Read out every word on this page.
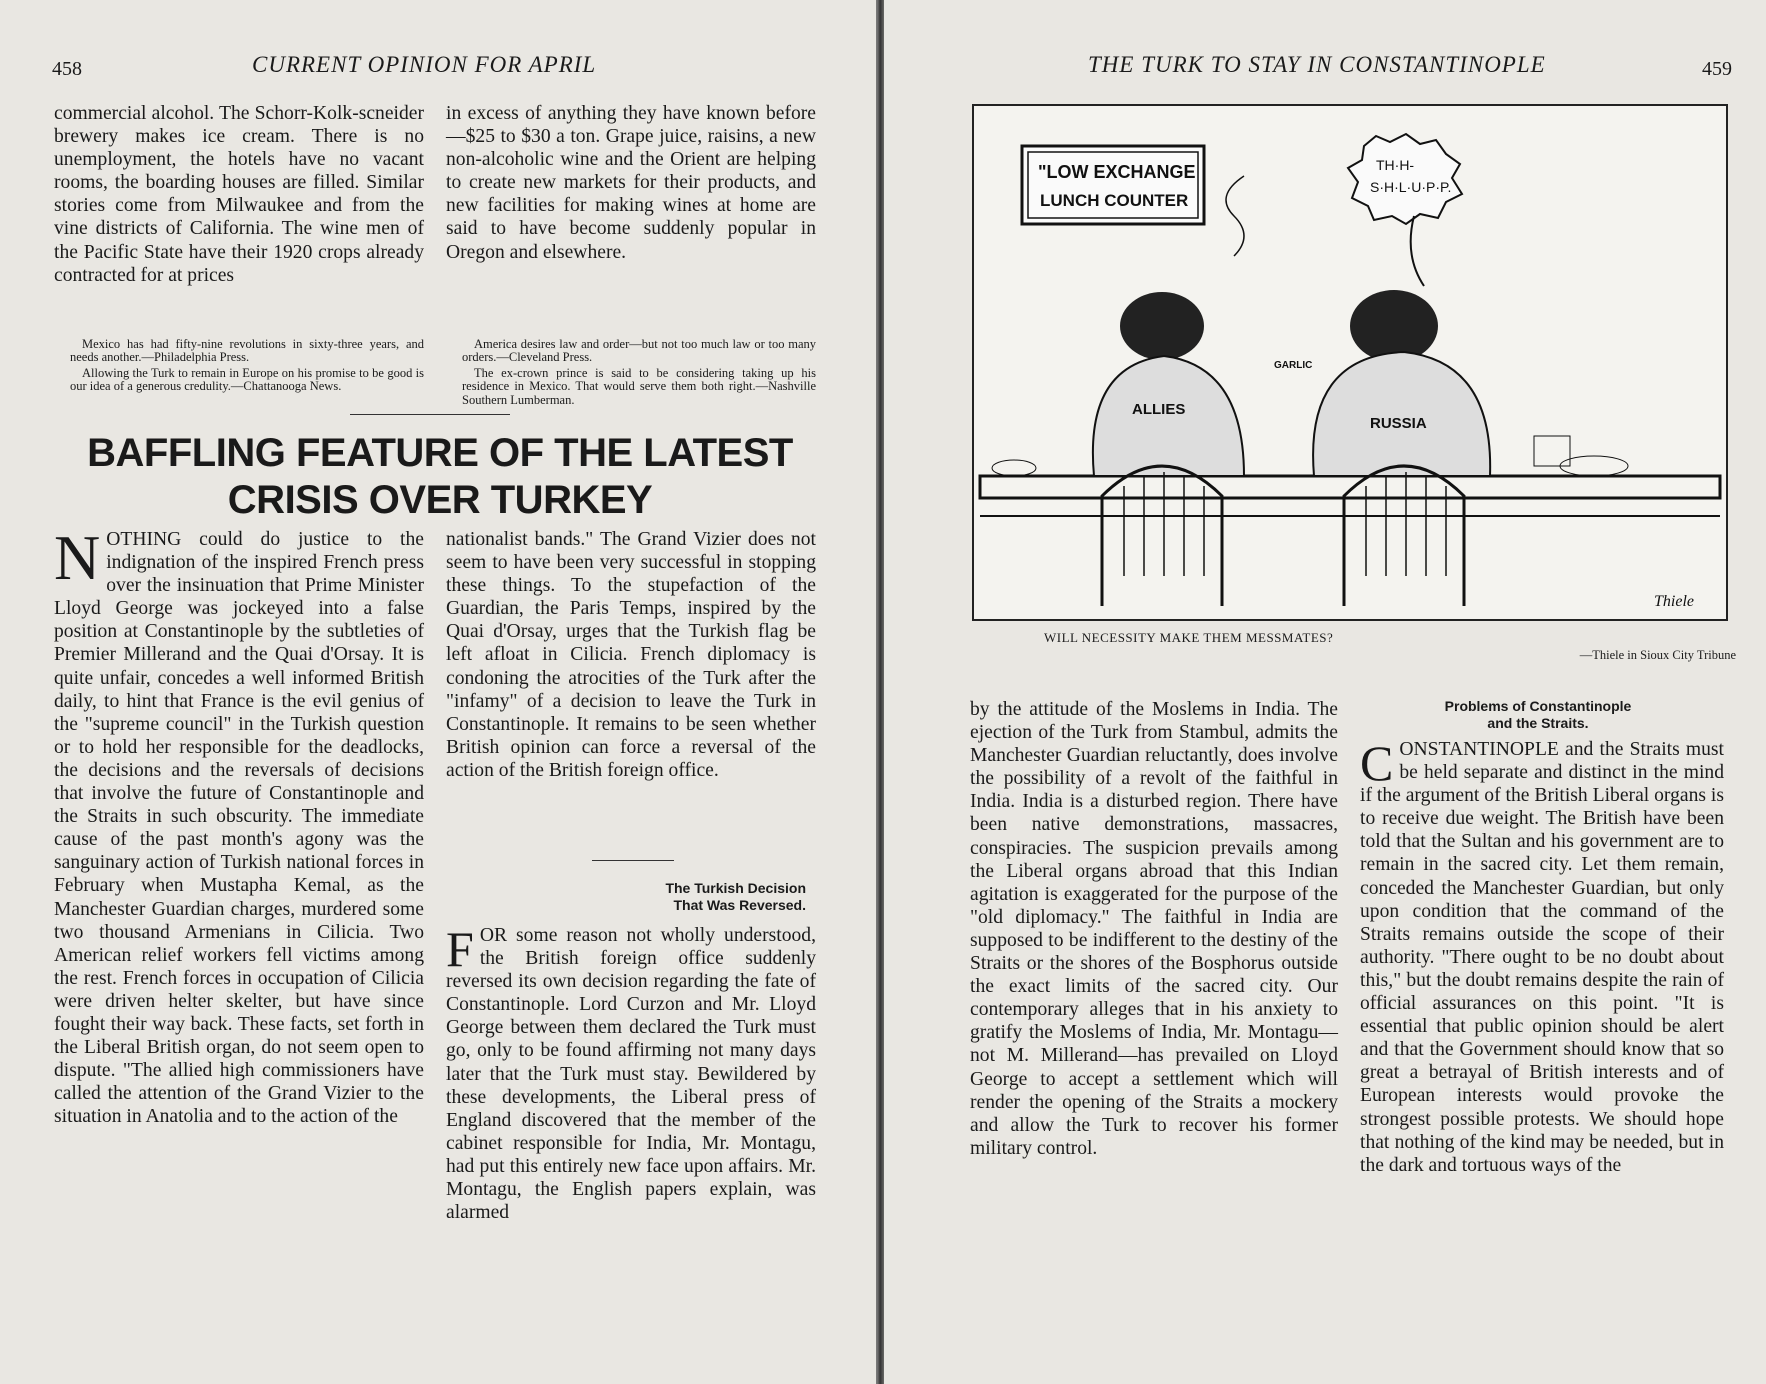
458	CURRENT OPINION FOR APRIL

commercial alcohol. The Schorr-Kolk-scneider brewery makes ice cream. There is no unemployment, the hotels have no vacant rooms, the boarding houses are filled. Similar stories come from Milwaukee and from the vine districts of California. The wine men of the Pacific State have their 1920 crops already contracted for at prices

in excess of anything they have known before—$25 to $30 a ton. Grape juice, raisins, a new non-alcoholic wine and the Orient are helping to create new markets for their products, and new facilities for making wines at home are said to have become suddenly popular in Oregon and elsewhere.

Mexico has had fifty-nine revolutions in sixty-three years, and needs another.—Philadelphia Press.

Allowing the Turk to remain in Europe on his promise to be good is our idea of a generous credulity.—Chattanooga News.

America desires law and order—but not too much law or too many orders.—Cleveland Press.

The ex-crown prince is said to be considering taking up his residence in Mexico. That would serve them both right.—Nashville Southern Lumberman.

BAFFLING FEATURE OF THE LATEST
CRISIS OVER TURKEY

NOTHING could do justice to the indignation of the inspired French press over the insinuation that Prime Minister Lloyd George was jockeyed into a false position at Constantinople by the subtleties of Premier Millerand and the Quai d'Orsay. It is quite unfair, concedes a well informed British daily, to hint that France is the evil genius of the "supreme council" in the Turkish question or to hold her responsible for the deadlocks, the decisions and the reversals of decisions that involve the future of Constantinople and the Straits in such obscurity. The immediate cause of the past month's agony was the sanguinary action of Turkish national forces in February when Mustapha Kemal, as the Manchester Guardian charges, murdered some two thousand Armenians in Cilicia. Two American relief workers fell victims among the rest. French forces in occupation of Cilicia were driven helter skelter, but have since fought their way back. These facts, set forth in the Liberal British organ, do not seem open to dispute. "The allied high commissioners have called the attention of the Grand Vizier to the situation in Anatolia and to the action of the

nationalist bands." The Grand Vizier does not seem to have been very successful in stopping these things. To the stupefaction of the Guardian, the Paris Temps, inspired by the Quai d'Orsay, urges that the Turkish flag be left afloat in Cilicia. French diplomacy is condoning the atrocities of the Turk after the "infamy" of a decision to leave the Turk in Constantinople. It remains to be seen whether British opinion can force a reversal of the action of the British foreign office.

The Turkish Decision
That Was Reversed.

FOR some reason not wholly understood, the British foreign office suddenly reversed its own decision regarding the fate of Constantinople. Lord Curzon and Mr. Lloyd George between them declared the Turk must go, only to be found affirming not many days later that the Turk must stay. Bewildered by these developments, the Liberal press of England discovered that the member of the cabinet responsible for India, Mr. Montagu, had put this entirely new face upon affairs. Mr. Montagu, the English papers explain, was alarmed

THE TURK TO STAY IN CONSTANTINOPLE	459
"LOW EXCHANGE
LUNCH COUNTER
TH·H-
S·H·L·U·P·P.
ALLIES
RUSSIA
GARLIC
Thiele
WILL NECESSITY MAKE THEM MESSMATES?
—Thiele in Sioux City Tribune

by the attitude of the Moslems in India. The ejection of the Turk from Stambul, admits the Manchester Guardian reluctantly, does involve the possibility of a revolt of the faithful in India. India is a disturbed region. There have been native demonstrations, massacres, conspiracies. The suspicion prevails among the Liberal organs abroad that this Indian agitation is exaggerated for the purpose of the "old diplomacy." The faithful in India are supposed to be indifferent to the destiny of the Straits or the shores of the Bosphorus outside the exact limits of the sacred city. Our contemporary alleges that in his anxiety to gratify the Moslems of India, Mr. Montagu—not M. Millerand—has prevailed on Lloyd George to accept a settlement which will render the opening of the Straits a mockery and allow the Turk to recover his former military control.

Problems of Constantinople
and the Straits.

CONSTANTINOPLE and the Straits must be held separate and distinct in the mind if the argument of the British Liberal organs is to receive due weight. The British have been told that the Sultan and his government are to remain in the sacred city. Let them remain, conceded the Manchester Guardian, but only upon condition that the command of the Straits remains outside the scope of their authority. "There ought to be no doubt about this," but the doubt remains despite the rain of official assurances on this point. "It is essential that public opinion should be alert and that the Government should know that so great a betrayal of British interests and of European interests would provoke the strongest possible protests. We should hope that nothing of the kind may be needed, but in the dark and tortuous ways of the
